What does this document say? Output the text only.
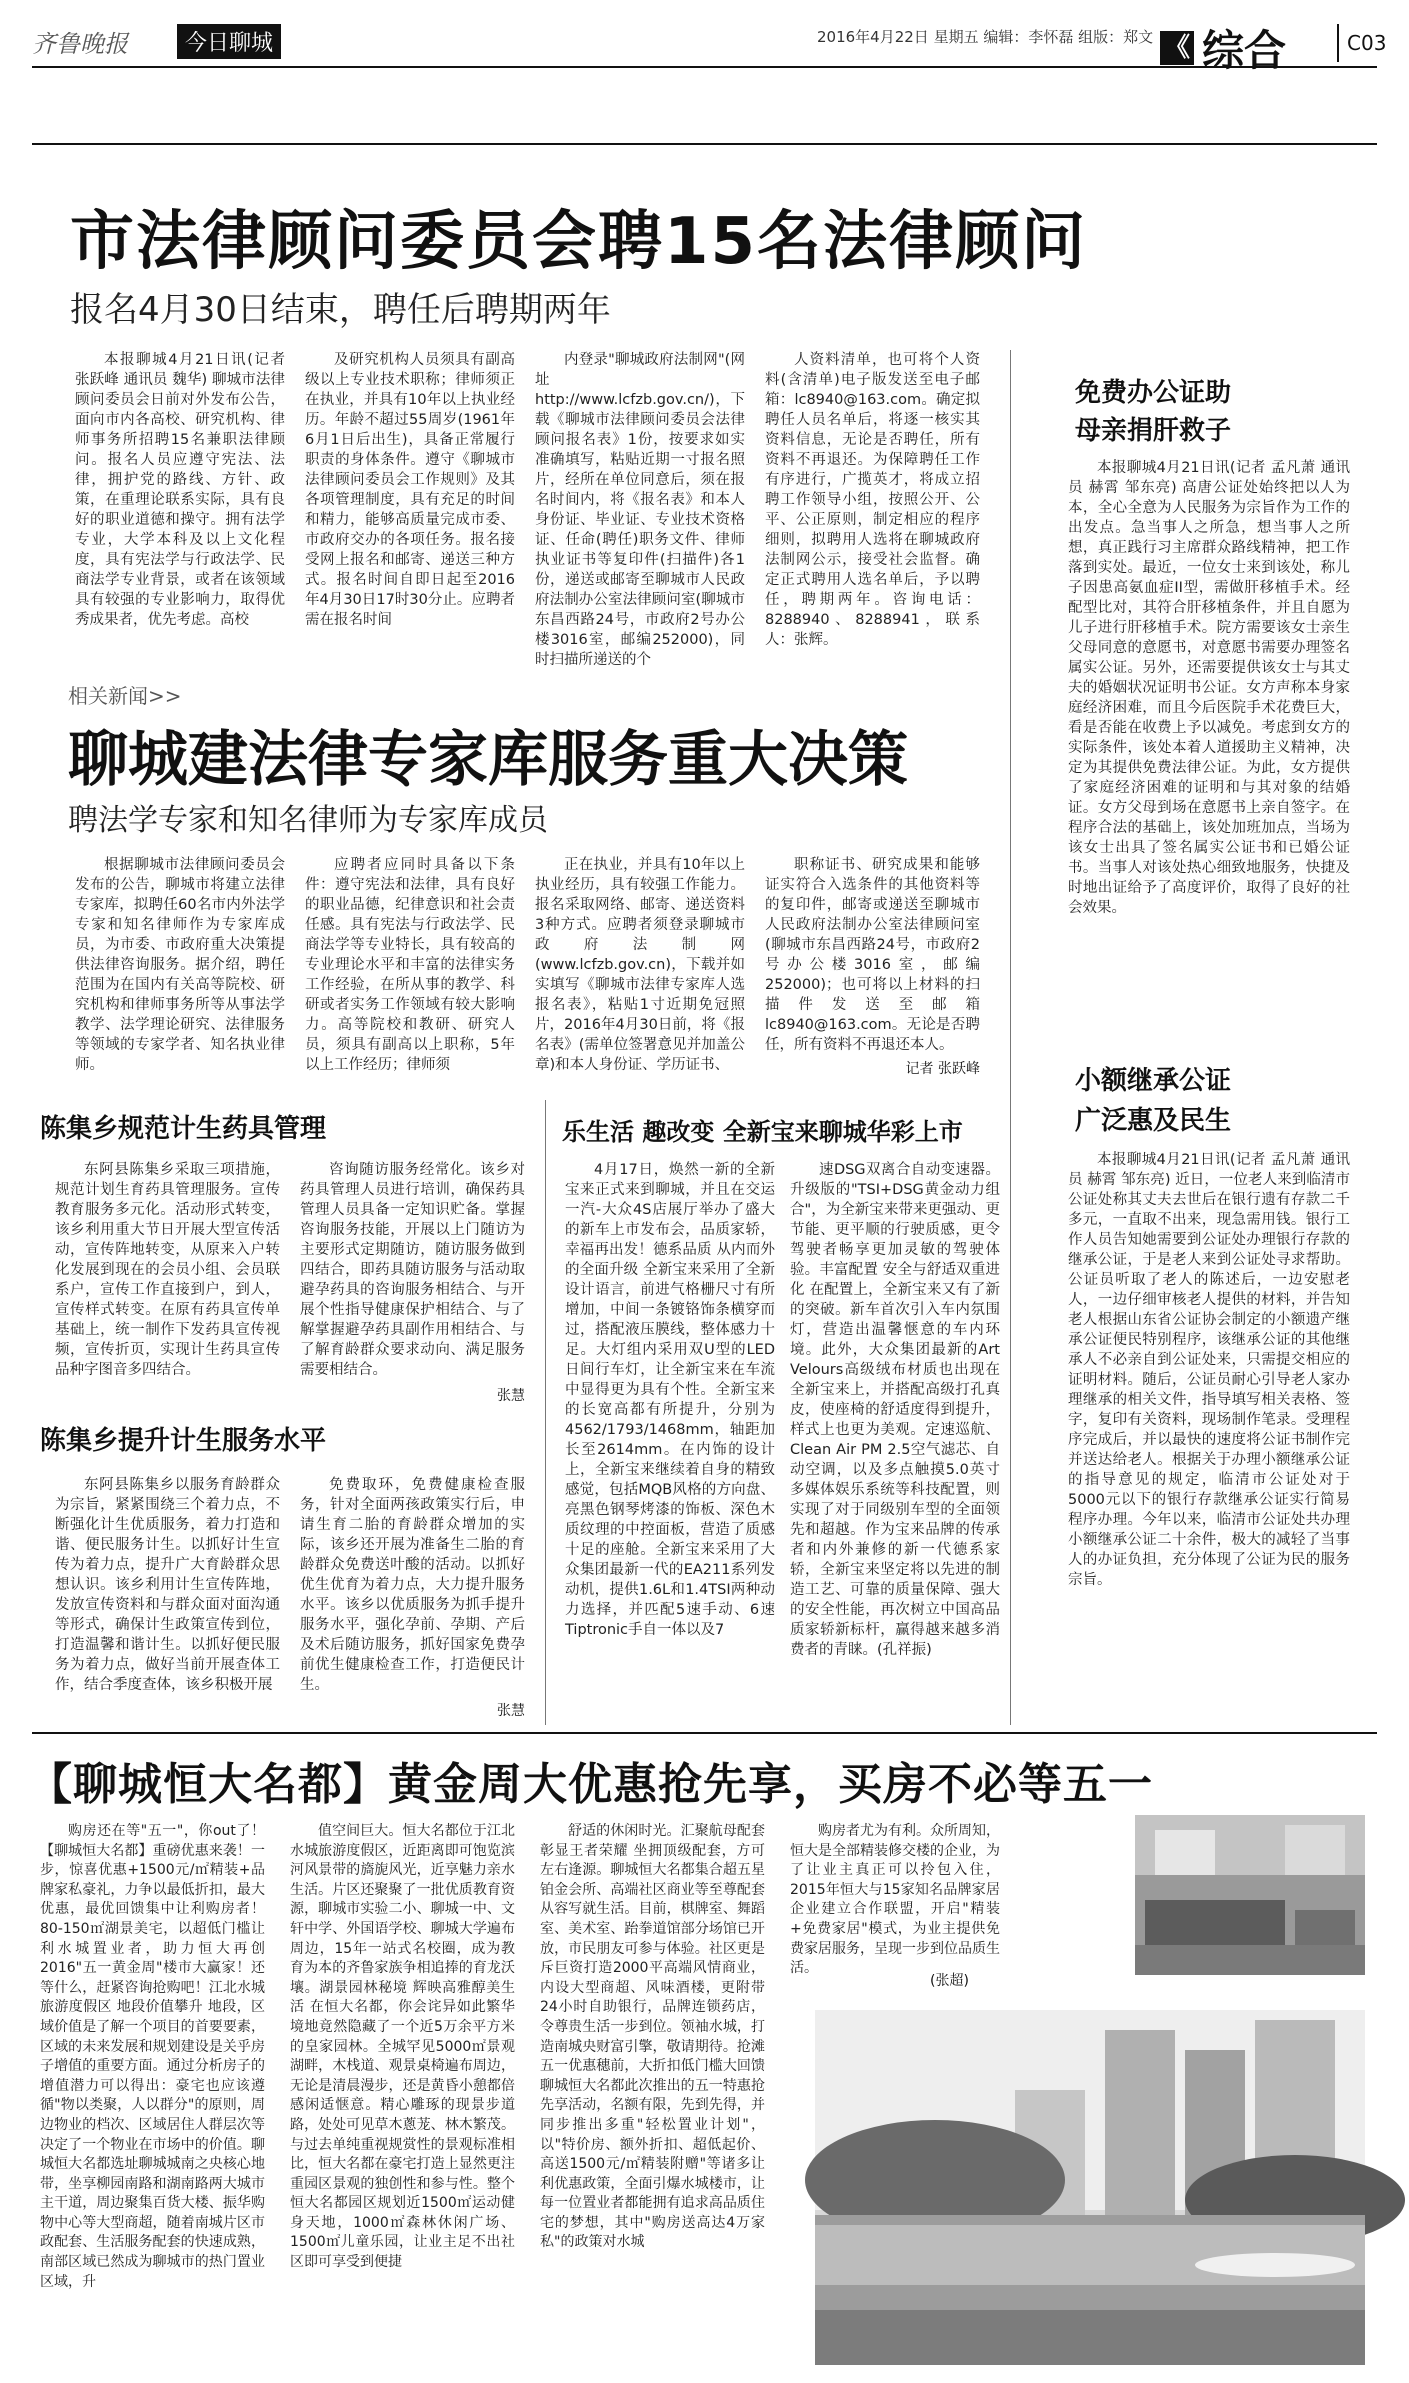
齐鲁晚报	今日聊城	2016年4月22日 星期五 编辑：李怀磊 组版：郑文 《 综合	C03
市法律顾问委员会聘15名法律顾问
报名4月30日结束，聘任后聘期两年

本报聊城4月21日讯(记者 张跃峰 通讯员 魏华) 聊城市法律顾问委员会日前对外发布公告，面向市内各高校、研究机构、律师事务所招聘15名兼职法律顾问。报名人员应遵守宪法、法律，拥护党的路线、方针、政策，在重理论联系实际，具有良好的职业道德和操守。拥有法学专业，大学本科及以上文化程度，具有宪法学与行政法学、民商法学专业背景，或者在该领域具有较强的专业影响力，取得优秀成果者，优先考虑。高校

及研究机构人员须具有副高级以上专业技术职称；律师须正在执业，并具有10年以上执业经历。年龄不超过55周岁(1961年6月1日后出生)，具备正常履行职责的身体条件。遵守《聊城市法律顾问委员会工作规则》及其各项管理制度，具有充足的时间和精力，能够高质量完成市委、市政府交办的各项任务。报名接受网上报名和邮寄、递送三种方式。报名时间自即日起至2016年4月30日17时30分止。应聘者需在报名时间

内登录"聊城政府法制网"(网址 http://www.lcfzb.gov.cn/)，下载《聊城市法律顾问委员会法律顾问报名表》1份，按要求如实准确填写，粘贴近期一寸报名照片，经所在单位同意后，须在报名时间内，将《报名表》和本人身份证、毕业证、专业技术资格证、任命(聘任)职务文件、律师执业证书等复印件(扫描件)各1份，递送或邮寄至聊城市人民政府法制办公室法律顾问室(聊城市东昌西路24号，市政府2号办公楼3016室，邮编252000)，同时扫描所递送的个

人资料清单，也可将个人资料(含清单)电子版发送至电子邮箱：lc8940@163.com。确定拟聘任人员名单后，将逐一核实其资料信息，无论是否聘任，所有资料不再退还。为保障聘任工作有序进行，广揽英才，将成立招聘工作领导小组，按照公开、公平、公正原则，制定相应的程序细则，拟聘用人选将在聊城政府法制网公示，接受社会监督。确定正式聘用人选名单后，予以聘任，聘期两年。咨询电话：8288940、8288941，联系人：张辉。

相关新闻>>
聊城建法律专家库服务重大决策
聘法学专家和知名律师为专家库成员

根据聊城市法律顾问委员会发布的公告，聊城市将建立法律专家库，拟聘任60名市内外法学专家和知名律师作为专家库成员，为市委、市政府重大决策提供法律咨询服务。据介绍，聘任范围为在国内有关高等院校、研究机构和律师事务所等从事法学教学、法学理论研究、法律服务等领域的专家学者、知名执业律师。

应聘者应同时具备以下条件：遵守宪法和法律，具有良好的职业品德，纪律意识和社会责任感。具有宪法与行政法学、民商法学等专业特长，具有较高的专业理论水平和丰富的法律实务工作经验，在所从事的教学、科研或者实务工作领域有较大影响力。高等院校和教研、研究人员，须具有副高以上职称，5年以上工作经历；律师须

正在执业，并具有10年以上执业经历，具有较强工作能力。报名采取网络、邮寄、递送资料3种方式。应聘者须登录聊城市政府法制网(www.lcfzb.gov.cn)，下载并如实填写《聊城市法律专家库人选报名表》，粘贴1寸近期免冠照片，2016年4月30日前，将《报名表》(需单位签署意见并加盖公章)和本人身份证、学历证书、

职称证书、研究成果和能够证实符合入选条件的其他资料等的复印件，邮寄或递送至聊城市人民政府法制办公室法律顾问室(聊城市东昌西路24号，市政府2号办公楼3016室，邮编252000)；也可将以上材料的扫描件发送至邮箱lc8940@163.com。无论是否聘任，所有资料不再退还本人。

记者 张跃峰
免费办公证助
母亲捐肝救子

本报聊城4月21日讯(记者 孟凡萧 通讯员 赫霄 邹东亮) 高唐公证处始终把以人为本，全心全意为人民服务为宗旨作为工作的出发点。急当事人之所急，想当事人之所想，真正践行习主席群众路线精神，把工作落到实处。最近，一位女士来到该处，称儿子因患高氨血症II型，需做肝移植手术。经配型比对，其符合肝移植条件，并且自愿为儿子进行肝移植手术。院方需要该女士亲生父母同意的意愿书，对意愿书需要办理签名属实公证。另外，还需要提供该女士与其丈夫的婚姻状况证明书公证。女方声称本身家庭经济困难，而且今后医院手术花费巨大，看是否能在收费上予以减免。考虑到女方的实际条件，该处本着人道援助主义精神，决定为其提供免费法律公证。为此，女方提供了家庭经济困难的证明和与其对象的结婚证。女方父母到场在意愿书上亲自签字。在程序合法的基础上，该处加班加点，当场为该女士出具了签名属实公证书和已婚公证书。当事人对该处热心细致地服务，快捷及时地出证给予了高度评价，取得了良好的社会效果。

小额继承公证
广泛惠及民生

本报聊城4月21日讯(记者 孟凡萧 通讯员 赫霄 邹东亮) 近日，一位老人来到临清市公证处称其丈夫去世后在银行遗有存款二千多元，一直取不出来，现急需用钱。银行工作人员告知她需要到公证处办理银行存款的继承公证，于是老人来到公证处寻求帮助。公证员听取了老人的陈述后，一边安慰老人，一边仔细审核老人提供的材料，并告知老人根据山东省公证协会制定的小额遗产继承公证便民特别程序，该继承公证的其他继承人不必亲自到公证处来，只需提交相应的证明材料。随后，公证员耐心引导老人家办理继承的相关文件，指导填写相关表格、签字，复印有关资料，现场制作笔录。受理程序完成后，并以最快的速度将公证书制作完并送达给老人。根据关于办理小额继承公证的指导意见的规定，临清市公证处对于5000元以下的银行存款继承公证实行简易程序办理。今年以来，临清市公证处共办理小额继承公证二十余件，极大的减轻了当事人的办证负担，充分体现了公证为民的服务宗旨。

陈集乡规范计生药具管理

东阿县陈集乡采取三项措施，规范计划生育药具管理服务。宣传教育服务多元化。活动形式转变，该乡利用重大节日开展大型宣传活动，宣传阵地转变，从原来入户转化发展到现在的会员小组、会员联系户，宣传工作直接到户，到人，宣传样式转变。在原有药具宣传单基础上，统一制作下发药具宣传视频，宣传折页，实现计生药具宣传品种字图音多四结合。

咨询随访服务经常化。该乡对药具管理人员进行培训，确保药具管理人员具备一定知识贮备。掌握咨询服务技能，开展以上门随访为主要形式定期随访，随访服务做到四结合，即药具随访服务与活动取避孕药具的咨询服务相结合、与开展个性指导健康保护相结合、与了解掌握避孕药具副作用相结合、与了解育龄群众要求动向、满足服务需要相结合。

张慧
陈集乡提升计生服务水平

东阿县陈集乡以服务育龄群众为宗旨，紧紧围绕三个着力点，不断强化计生优质服务，着力打造和谐、便民服务计生。以抓好计生宣传为着力点，提升广大育龄群众思想认识。该乡利用计生宣传阵地，发放宣传资料和与群众面对面沟通等形式，确保计生政策宣传到位，打造温馨和谐计生。以抓好便民服务为着力点，做好当前开展查体工作，结合季度查体，该乡积极开展

免费取环，免费健康检查服务，针对全面两孩政策实行后，申请生育二胎的育龄群众增加的实际，该乡还开展为准备生二胎的育龄群众免费送叶酸的活动。以抓好优生优育为着力点，大力提升服务水平。该乡以优质服务为抓手提升服务水平，强化孕前、孕期、产后及术后随访服务，抓好国家免费孕前优生健康检查工作，打造便民计生。

张慧
乐生活 趣改变 全新宝来聊城华彩上市

4月17日，焕然一新的全新宝来正式来到聊城，并且在交运一汽-大众4S店展厅举办了盛大的新车上市发布会，品质家轿，幸福再出发！德系品质 从内而外的全面升级 全新宝来采用了全新设计语言，前进气格栅尺寸有所增加，中间一条镀铬饰条横穿而过，搭配液压膜线，整体感力十足。大灯组内采用双U型的LED日间行车灯，让全新宝来在车流中显得更为具有个性。全新宝来的长宽高都有所提升，分别为4562/1793/1468mm，轴距加长至2614mm。在内饰的设计上，全新宝来继续着自身的精致感觉，包括MQB风格的方向盘、亮黑色钢琴烤漆的饰板、深色木质纹理的中控面板，营造了质感十足的座舱。全新宝来采用了大众集团最新一代的EA211系列发动机，提供1.6L和1.4TSI两种动力选择，并匹配5速手动、6速Tiptronic手自一体以及7

速DSG双离合自动变速器。升级版的"TSI+DSG黄金动力组合"，为全新宝来带来更强动、更节能、更平顺的行驶质感，更令驾驶者畅享更加灵敏的驾驶体验。丰富配置 安全与舒适双重进化 在配置上，全新宝来又有了新的突破。新车首次引入车内氛围灯，营造出温馨惬意的车内环境。此外，大众集团最新的Art Velours高级绒布材质也出现在全新宝来上，并搭配高级打孔真皮，使座椅的舒适度得到提升，样式上也更为美观。定速巡航、Clean Air PM 2.5空气滤芯、自动空调，以及多点触摸5.0英寸多媒体娱乐系统等科技配置，则实现了对于同级别车型的全面领先和超越。作为宝来品牌的传承者和内外兼修的新一代德系家轿，全新宝来坚定将以先进的制造工艺、可靠的质量保障、强大的安全性能，再次树立中国高品质家轿新标杆，赢得越来越多消费者的青睐。(孔祥振)

【聊城恒大名都】黄金周大优惠抢先享，买房不必等五一

购房还在等"五一"，你out了！【聊城恒大名都】重磅优惠来袭！一步，惊喜优惠+1500元/㎡精装+品牌家私豪礼，力争以最低折扣，最大优惠，最优回馈集中让利购房者！80-150㎡湖景美宅，以超低门槛让利水城置业者，助力恒大再创2016"五一黄金周"楼市大赢家！还等什么，赶紧咨询抢购吧！江北水城旅游度假区 地段价值攀升 地段，区域价值是了解一个项目的首要要素，区域的未来发展和规划建设是关乎房子增值的重要方面。通过分析房子的增值潜力可以得出：豪宅也应该遵循"物以类聚，人以群分"的原则，周边物业的档次、区域居住人群层次等决定了一个物业在市场中的价值。聊城恒大名都选址聊城城南之央核心地带，坐享柳园南路和湖南路两大城市主干道，周边聚集百货大楼、振华购物中心等大型商超，随着南城片区市政配套、生活服务配套的快速成熟，南部区域已然成为聊城市的热门置业区域，升

值空间巨大。恒大名都位于江北水城旅游度假区，近距离即可饱览滨河风景带的旖旎风光，近享魅力亲水生活。片区还聚聚了一批优质教育资源，聊城市实验二小、聊城一中、文轩中学、外国语学校、聊城大学遍布周边，15年一站式名校圈，成为教育为本的齐鲁家族争相追捧的育龙沃壤。湖景园林秘境 辉映高雅醇美生活 在恒大名都，你会诧异如此繁华境地竟然隐藏了一个近5万余平方米的皇家园林。全城罕见5000㎡景观湖畔，木栈道、观景桌椅遍布周边，无论是清晨漫步，还是黄昏小憩都倍感闲适惬意。精心雕琢的现景步道路，处处可见草木蔥茏、林木繁茂。与过去单纯重视规赏性的景观标准相比，恒大名都在豪宅打造上显然更注重园区景观的独创性和参与性。整个恒大名都园区规划近1500㎡运动健身天地，1000㎡森林休闲广场、1500㎡儿童乐园，让业主足不出社区即可享受到便捷

舒适的休闲时光。汇聚航母配套 彰显王者荣耀 坐拥顶级配套，方可左右逢源。聊城恒大名都集合超五星铂金会所、高端社区商业等至尊配套从容写就生活。目前，棋牌室、舞蹈室、美术室、跆拳道馆部分场馆已开放，市民朋友可参与体验。社区更是斥巨资打造2000平高端风情商业，内设大型商超、风味酒楼，更附带24小时自助银行，品牌连锁药店，令尊贵生活一步到位。领袖水城，打造南城央财富引擎，敬请期待。抢滩五一优惠穗前，大折扣低门槛大回馈 聊城恒大名都此次推出的五一特惠抢先享活动，名额有限，先到先得，并同步推出多重"轻松置业计划"，以"特价房、额外折扣、超低起价、高送1500元/㎡精装附赠"等诸多让利优惠政策，全面引爆水城楼市，让每一位置业者都能拥有追求高品质住宅的梦想，其中"购房送高达4万家私"的政策对水城

购房者尤为有利。众所周知，恒大是全部精装修交楼的企业，为了让业主真正可以拎包入住，2015年恒大与15家知名品牌家居企业建立合作联盟，开启"精装+免费家居"模式，为业主提供免费家居服务，呈现一步到位品质生活。

(张超)
